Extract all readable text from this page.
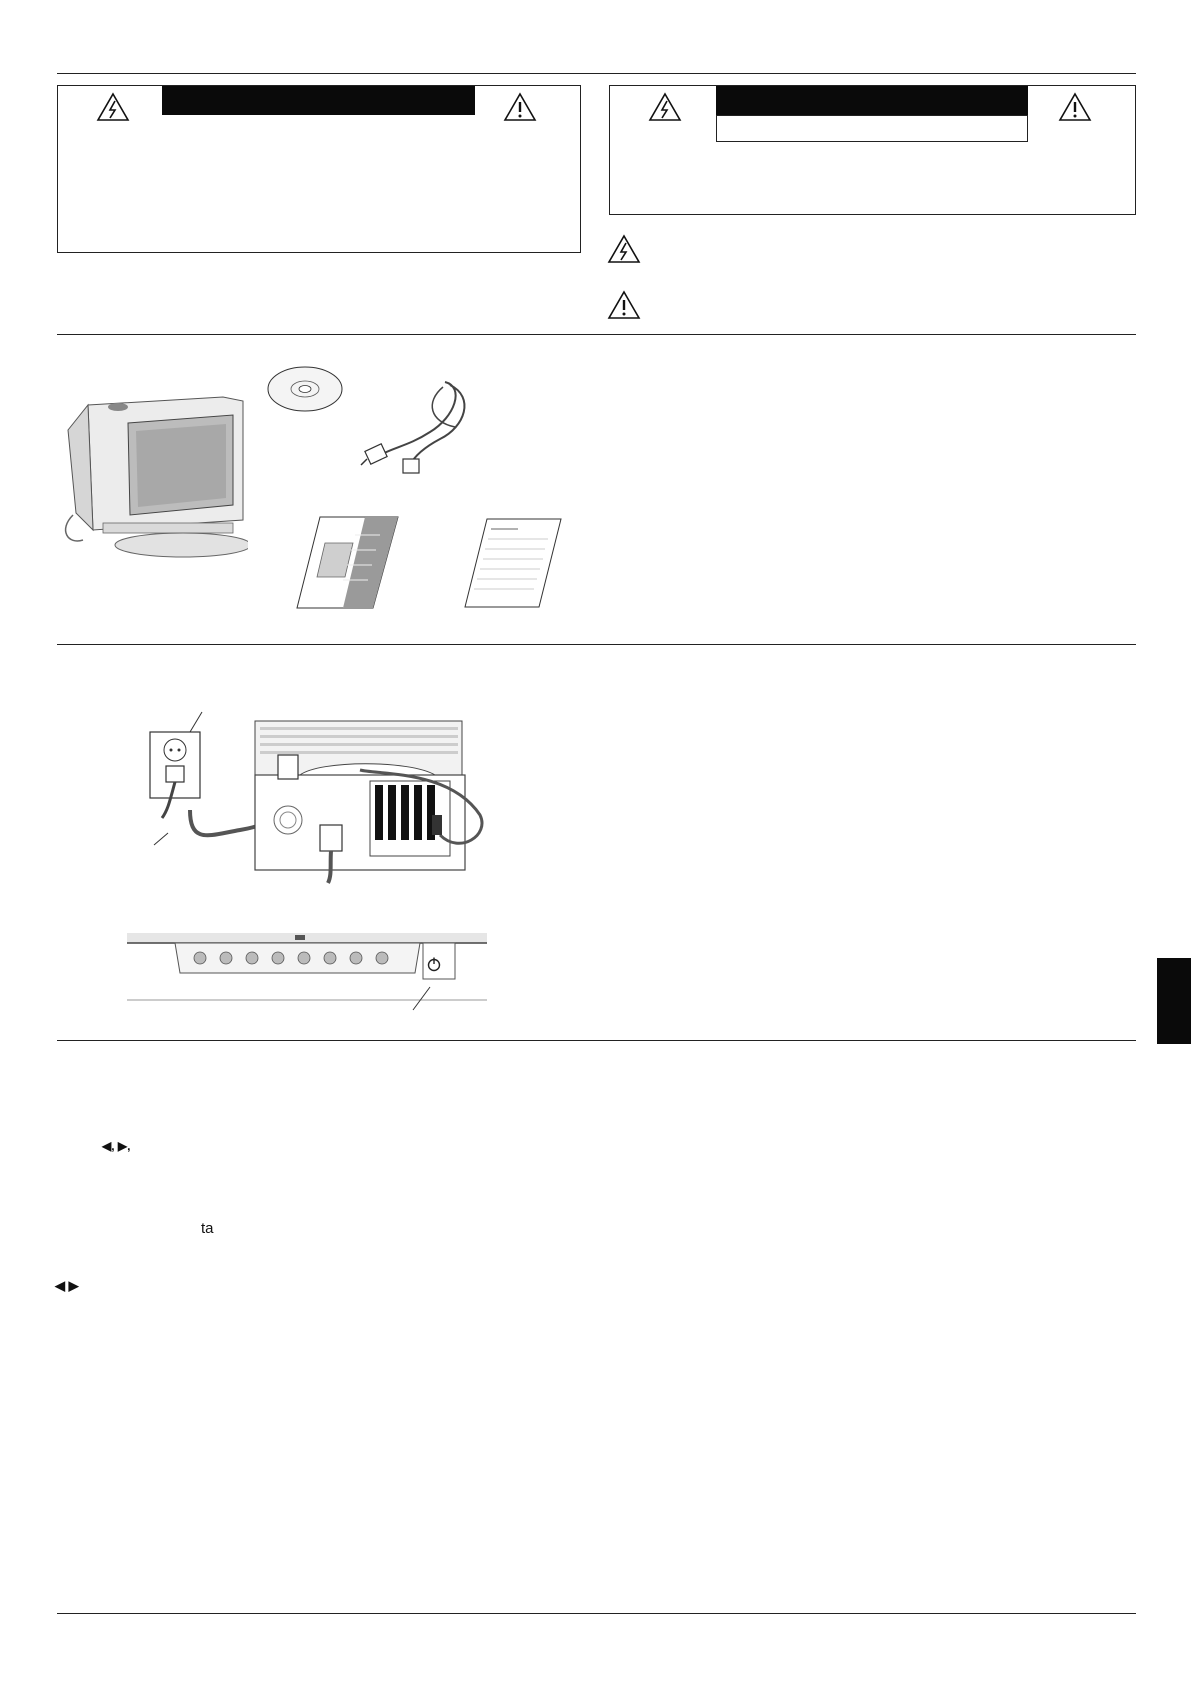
◀, ▶,
ta
◀ ▶
